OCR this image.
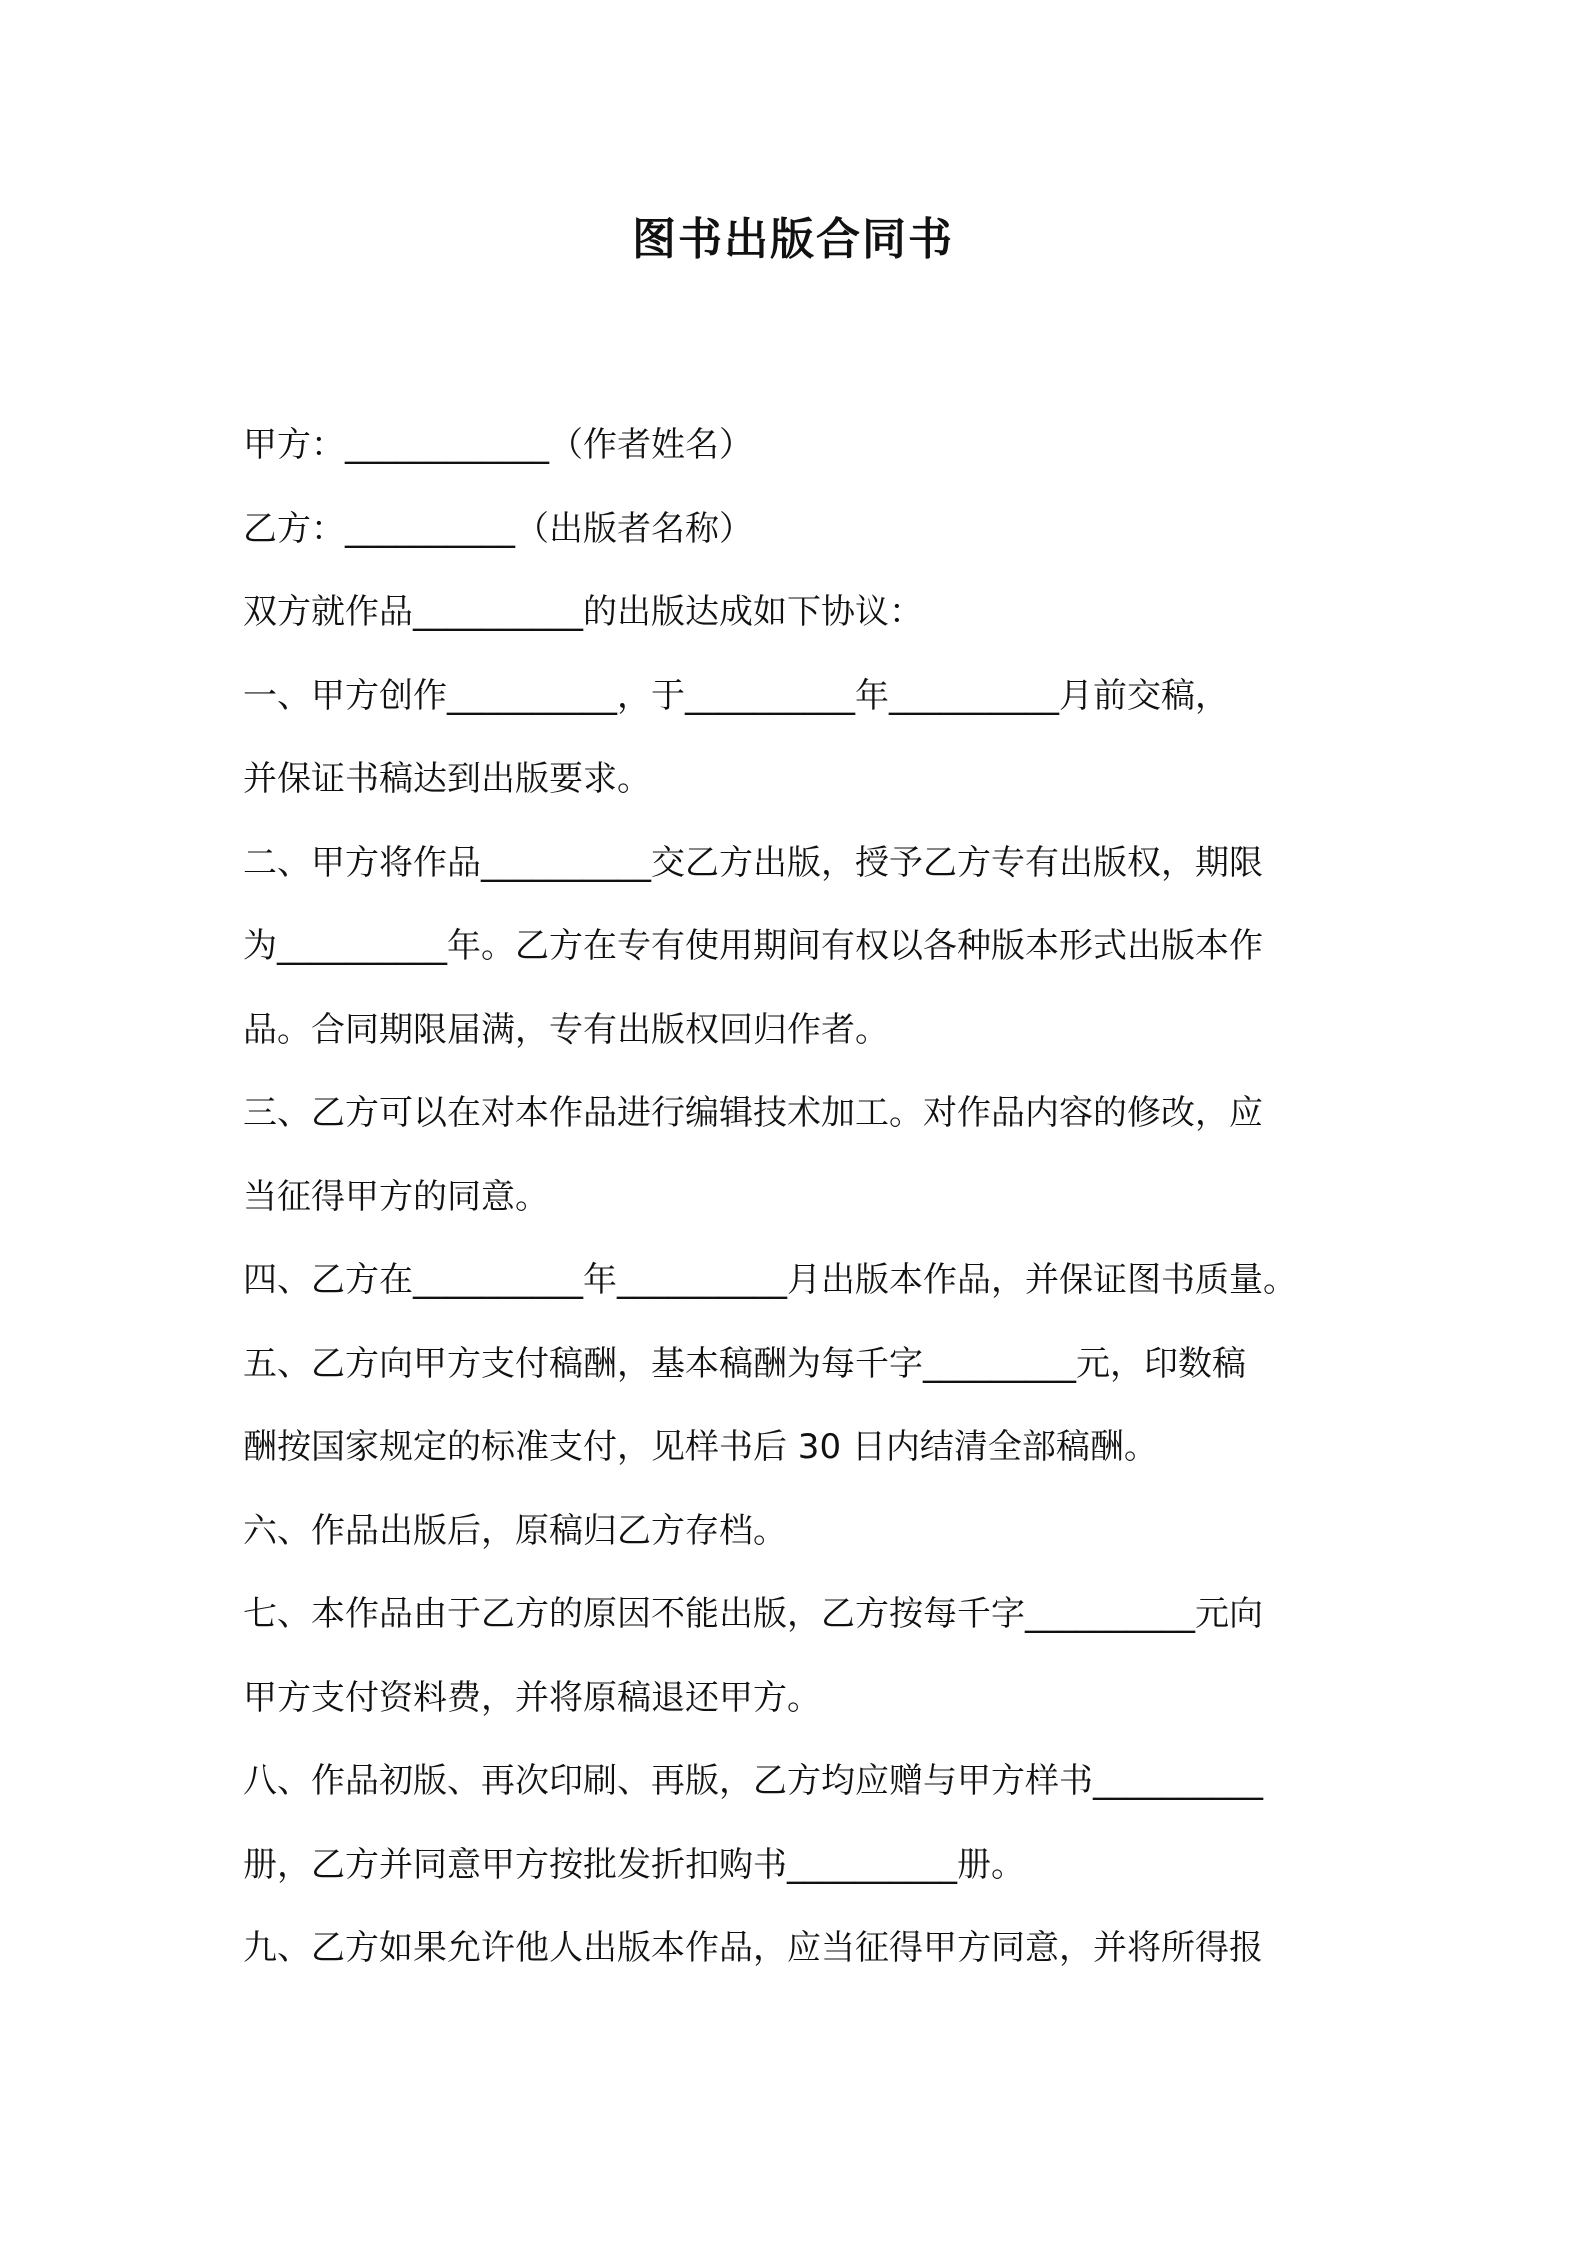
图书出版合同书
甲方：____________（作者姓名）
乙方：__________（出版者名称）
双方就作品__________的出版达成如下协议：
一、甲方创作__________，于__________年__________月前交稿，
并保证书稿达到出版要求。
二、甲方将作品__________交乙方出版，授予乙方专有出版权，期限
为__________年。乙方在专有使用期间有权以各种版本形式出版本作
品。合同期限届满，专有出版权回归作者。
三、乙方可以在对本作品进行编辑技术加工。对作品内容的修改，应
当征得甲方的同意。
四、乙方在__________年__________月出版本作品，并保证图书质量。
五、乙方向甲方支付稿酬，基本稿酬为每千字_________元，印数稿
酬按国家规定的标准支付，见样书后 30 日内结清全部稿酬。
六、作品出版后，原稿归乙方存档。
七、本作品由于乙方的原因不能出版，乙方按每千字__________元向
甲方支付资料费，并将原稿退还甲方。
八、作品初版、再次印刷、再版，乙方均应赠与甲方样书__________
册，乙方并同意甲方按批发折扣购书__________册。
九、乙方如果允许他人出版本作品，应当征得甲方同意，并将所得报
